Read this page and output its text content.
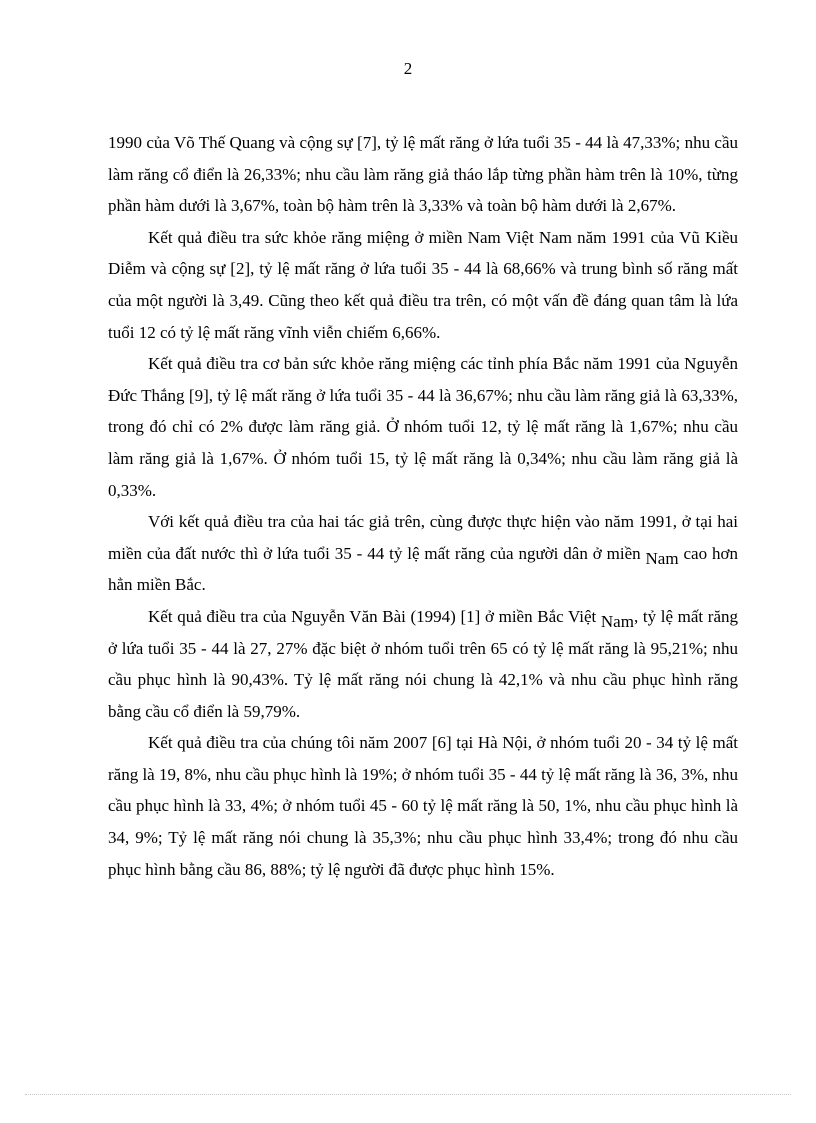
2

1990 của Võ Thế Quang và cộng sự [7], tỷ lệ mất răng ở lứa tuổi 35 - 44 là 47,33%; nhu cầu làm răng cổ điển là 26,33%; nhu cầu làm răng giả tháo lắp từng phần hàm trên là 10%, từng phần hàm dưới là 3,67%, toàn bộ hàm trên là 3,33% và toàn bộ hàm dưới là 2,67%.

Kết quả điều tra sức khỏe răng miệng ở miền Nam Việt Nam năm 1991 của Vũ Kiều Diễm và cộng sự [2], tỷ lệ mất răng ở lứa tuổi 35 - 44 là 68,66% và trung bình số răng mất của một người là 3,49. Cũng theo kết quả điều tra trên, có một vấn đề đáng quan tâm là lứa tuổi 12 có tỷ lệ mất răng vĩnh viễn chiếm 6,66%.

Kết quả điều tra cơ bản sức khỏe răng miệng các tỉnh phía Bắc năm 1991 của Nguyễn Đức Thắng [9], tỷ lệ mất răng ở lứa tuổi 35 - 44 là 36,67%; nhu cầu làm răng giả là 63,33%, trong đó chỉ có 2% được làm răng giả. Ở nhóm tuổi 12, tỷ lệ mất răng là 1,67%; nhu cầu làm răng giả là 1,67%. Ở nhóm tuổi 15, tỷ lệ mất răng là 0,34%; nhu cầu làm răng giả là 0,33%.

Với kết quả điều tra của hai tác giả trên, cùng được thực hiện vào năm 1991, ở tại hai miền của đất nước thì ở lứa tuổi 35 - 44 tỷ lệ mất răng của người dân ở miền Nam cao hơn hẳn miền Bắc.

Kết quả điều tra của Nguyễn Văn Bài (1994) [1] ở miền Bắc Việt Nam, tỷ lệ mất răng ở lứa tuổi 35 - 44 là 27, 27% đặc biệt ở nhóm tuổi trên 65 có tỷ lệ mất răng là 95,21%; nhu cầu phục hình là 90,43%. Tỷ lệ mất răng nói chung là 42,1% và nhu cầu phục hình răng bằng cầu cổ điển là 59,79%.

Kết quả điều tra của chúng tôi năm 2007 [6] tại Hà Nội, ở nhóm tuổi 20 - 34 tỷ lệ mất răng là 19, 8%, nhu cầu phục hình là 19%; ở nhóm tuổi 35 - 44 tỷ lệ mất răng là 36, 3%, nhu cầu phục hình là 33, 4%; ở nhóm tuổi 45 - 60 tỷ lệ mất răng là 50, 1%, nhu cầu phục hình là 34, 9%; Tỷ lệ mất răng nói chung là 35,3%; nhu cầu phục hình 33,4%; trong đó nhu cầu phục hình bằng cầu 86, 88%; tỷ lệ người đã được phục hình 15%.
